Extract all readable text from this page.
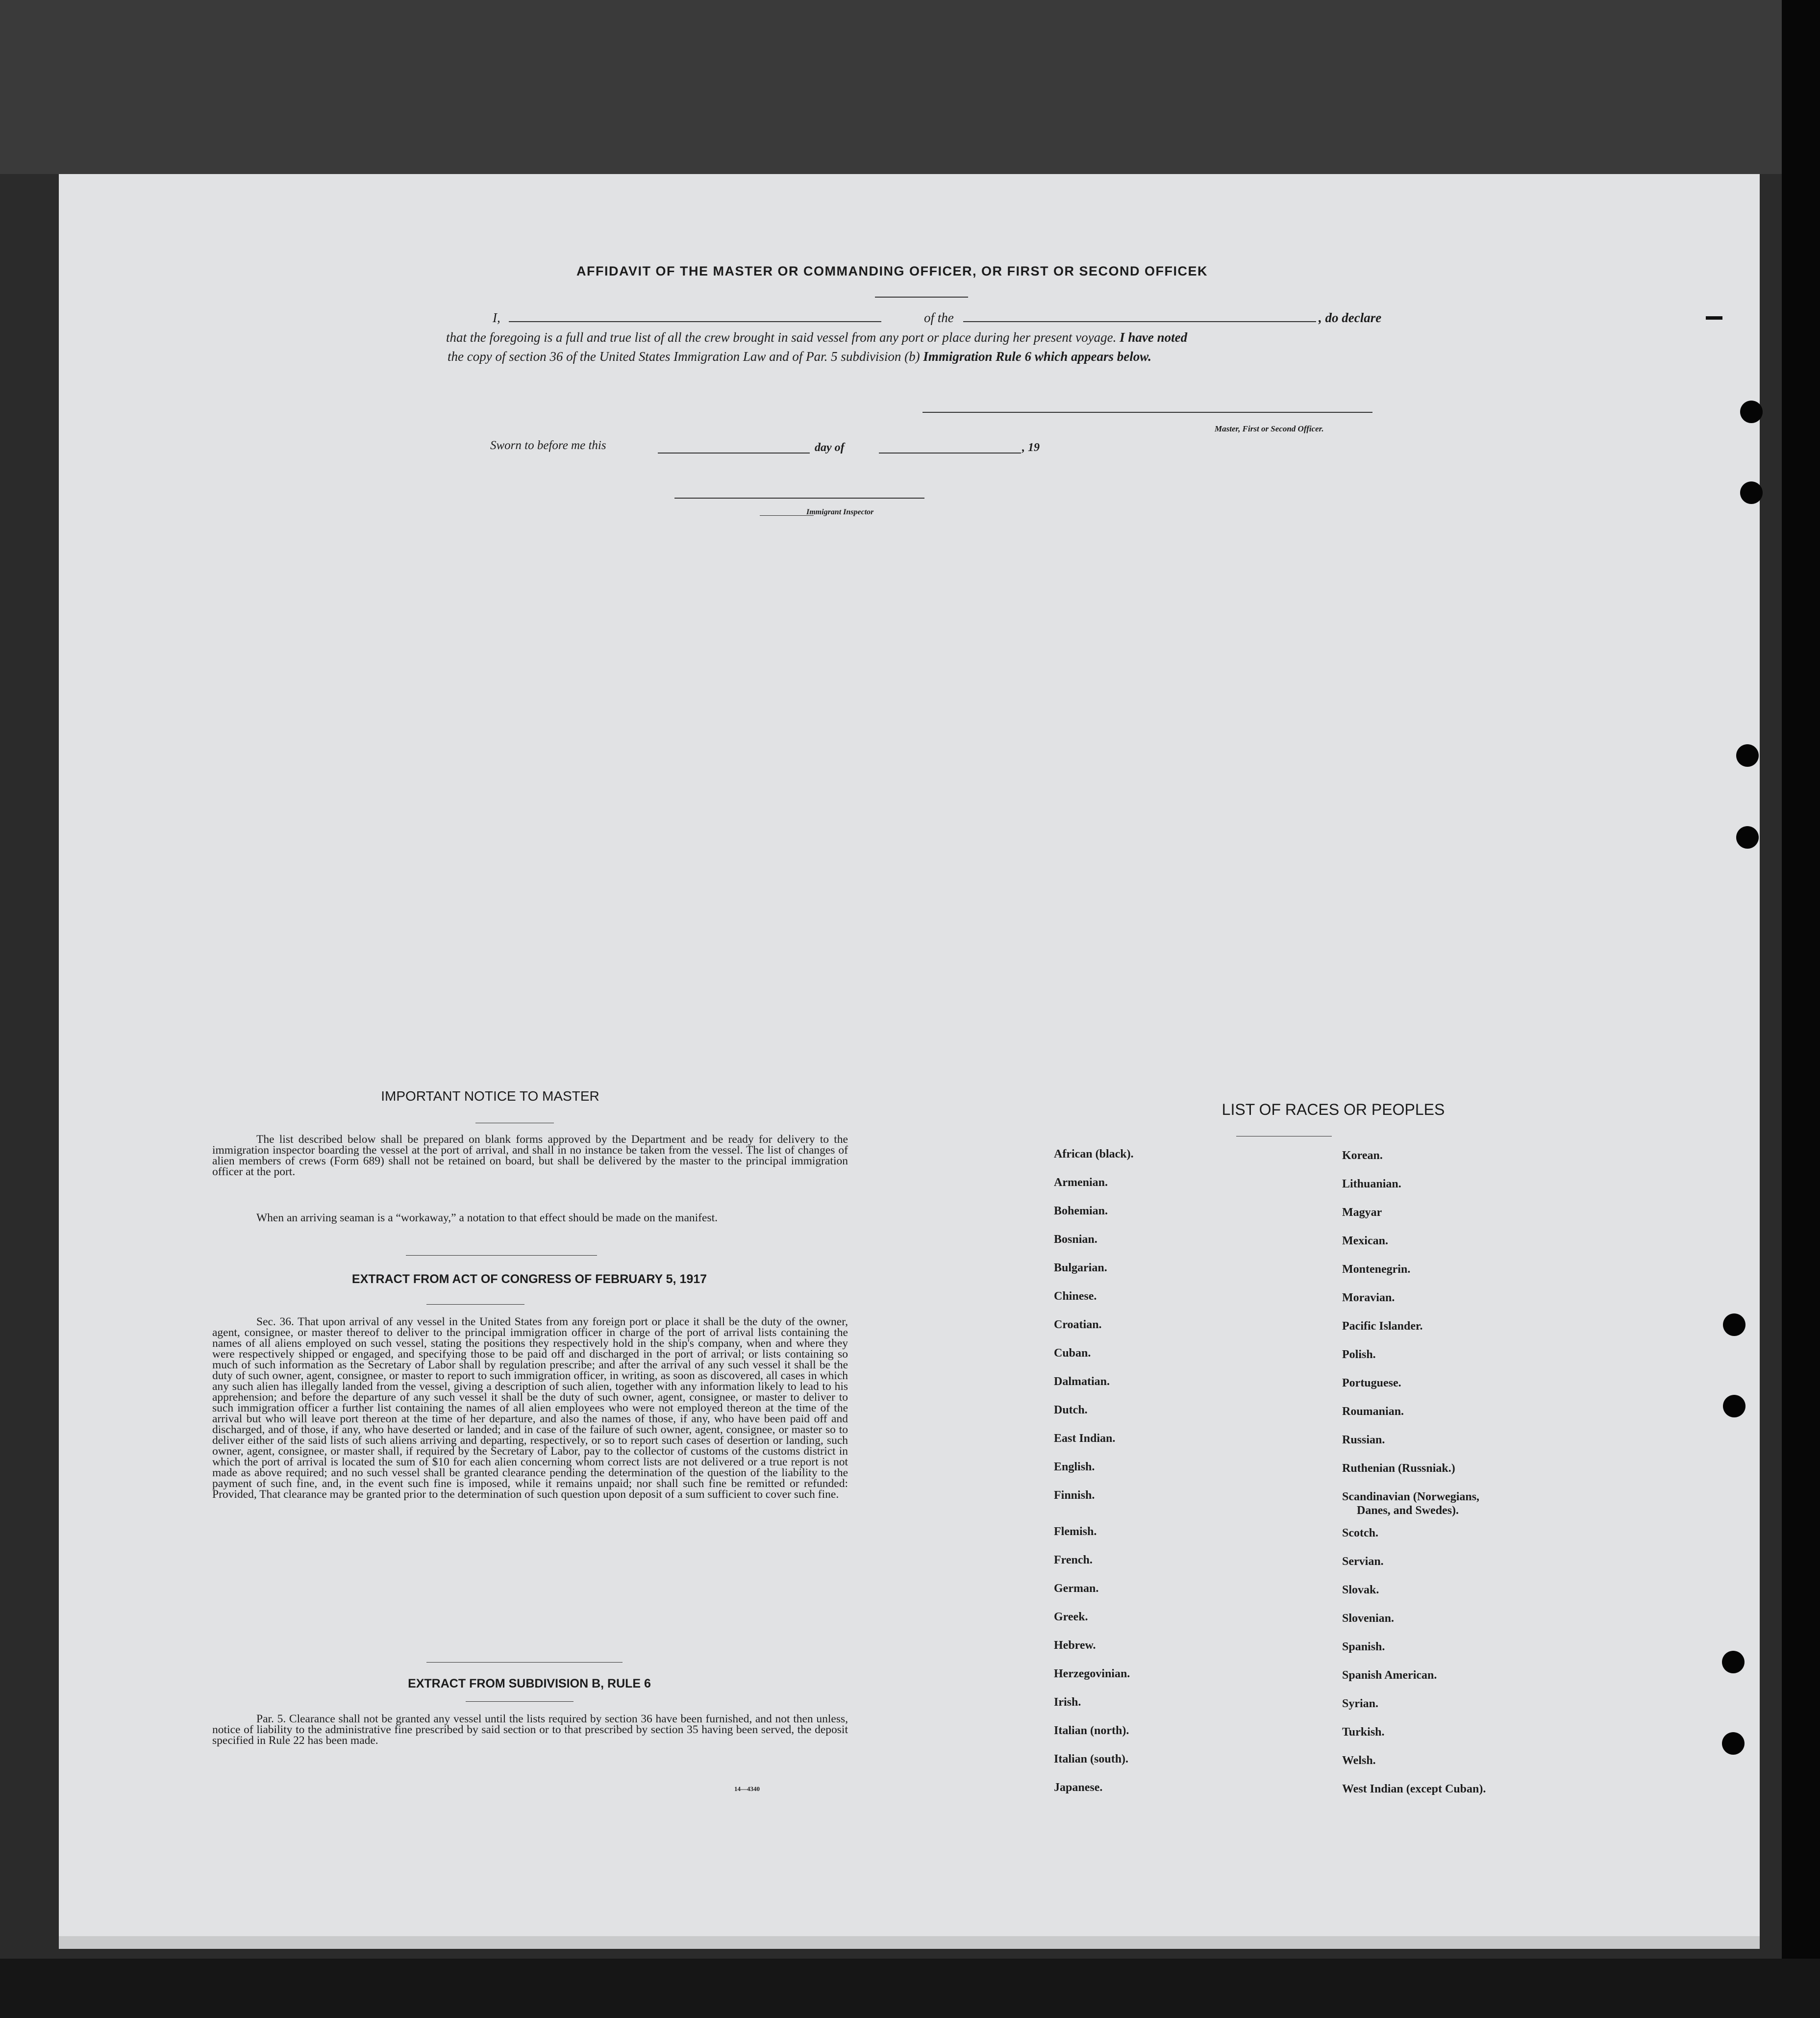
AFFIDAVIT OF THE MASTER OR COMMANDING OFFICER, OR FIRST OR SECOND OFFICEK
I,	of the	, do declare
that the foregoing is a full and true list of all the crew brought in said vessel from any port or place during her present voyage. I have noted
the copy of section 36 of the United States Immigration Law and of Par. 5 subdivision (b) Immigration Rule 6 which appears below.
Master, First or Second Officer.
Sworn to before me this	day of	, 19
Immigrant Inspector
IMPORTANT NOTICE TO MASTER

The list described below shall be prepared on blank forms approved by the Department and be ready for delivery to the immigration inspector boarding the vessel at the port of arrival, and shall in no instance be taken from the vessel. The list of changes of alien members of crews (Form 689) shall not be retained on board, but shall be delivered by the master to the principal immigration officer at the port.

When an arriving seaman is a “workaway,” a notation to that effect should be made on the manifest.

EXTRACT FROM ACT OF CONGRESS OF FEBRUARY 5, 1917

Sec. 36. That upon arrival of any vessel in the United States from any foreign port or place it shall be the duty of the owner, agent, consignee, or master thereof to deliver to the principal immigration officer in charge of the port of arrival lists containing the names of all aliens employed on such vessel, stating the positions they respectively hold in the ship's company, when and where they were respectively shipped or engaged, and specifying those to be paid off and discharged in the port of arrival; or lists containing so much of such information as the Secretary of Labor shall by regulation prescribe; and after the arrival of any such vessel it shall be the duty of such owner, agent, consignee, or master to report to such immigration officer, in writing, as soon as discovered, all cases in which any such alien has illegally landed from the vessel, giving a description of such alien, together with any information likely to lead to his apprehension; and before the departure of any such vessel it shall be the duty of such owner, agent, consignee, or master to deliver to such immigration officer a further list containing the names of all alien employees who were not employed thereon at the time of the arrival but who will leave port thereon at the time of her departure, and also the names of those, if any, who have been paid off and discharged, and of those, if any, who have deserted or landed; and in case of the failure of such owner, agent, consignee, or master so to deliver either of the said lists of such aliens arriving and departing, respectively, or so to report such cases of desertion or landing, such owner, agent, consignee, or master shall, if required by the Secretary of Labor, pay to the collector of customs of the customs district in which the port of arrival is located the sum of $10 for each alien concerning whom correct lists are not delivered or a true report is not made as above required; and no such vessel shall be granted clearance pending the determination of the question of the liability to the payment of such fine, and, in the event such fine is imposed, while it remains unpaid; nor shall such fine be remitted or refunded: Provided, That clearance may be granted prior to the determination of such question upon deposit of a sum sufficient to cover such fine.

EXTRACT FROM SUBDIVISION B, RULE 6

Par. 5. Clearance shall not be granted any vessel until the lists required by section 36 have been furnished, and not then unless, notice of liability to the administrative fine prescribed by said section or to that prescribed by section 35 having been served, the deposit specified in Rule 22 has been made.

14—4340
LIST OF RACES OR PEOPLES
African (black).
Armenian.
Bohemian.
Bosnian.
Bulgarian.
Chinese.
Croatian.
Cuban.
Dalmatian.
Dutch.
East Indian.
English.
Finnish.
Flemish.
French.
German.
Greek.
Hebrew.
Herzegovinian.
Irish.
Italian (north).
Italian (south).
Japanese.
Korean.
Lithuanian.
Magyar
Mexican.
Montenegrin.
Moravian.
Pacific Islander.
Polish.
Portuguese.
Roumanian.
Russian.
Ruthenian (Russniak.)
Scandinavian (Norwegians,
Danes, and Swedes).
Scotch.
Servian.
Slovak.
Slovenian.
Spanish.
Spanish American.
Syrian.
Turkish.
Welsh.
West Indian (except Cuban).
